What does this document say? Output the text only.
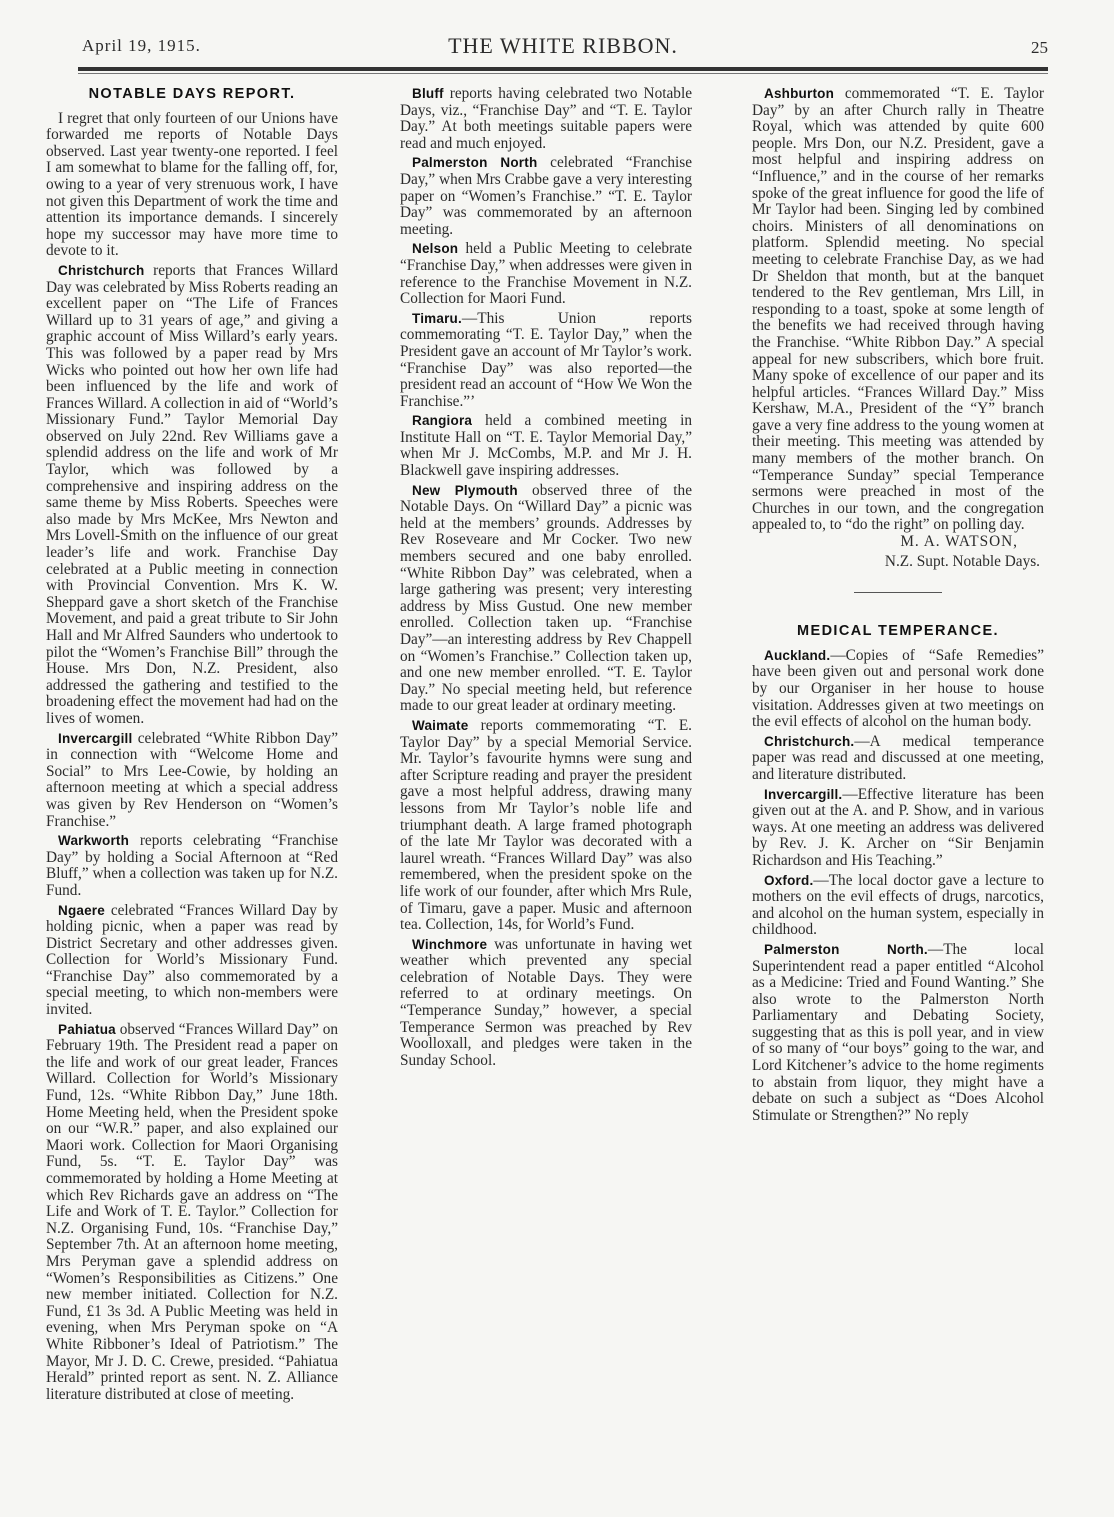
April 19, 1915.	THE WHITE RIBBON.	25
NOTABLE DAYS REPORT.

I regret that only fourteen of our Unions have forwarded me reports of Notable Days observed. Last year twenty-one reported. I feel I am somewhat to blame for the falling off, for, owing to a year of very strenuous work, I have not given this Department of work the time and attention its importance demands. I sincerely hope my successor may have more time to devote to it.

Christchurch reports that Frances Willard Day was celebrated by Miss Roberts reading an excellent paper on “The Life of Frances Willard up to 31 years of age,” and giving a graphic account of Miss Willard’s early years. This was followed by a paper read by Mrs Wicks who pointed out how her own life had been influenced by the life and work of Frances Willard. A collection in aid of “World’s Missionary Fund.” Taylor Memorial Day observed on July 22nd. Rev Williams gave a splendid address on the life and work of Mr Taylor, which was followed by a comprehensive and inspiring address on the same theme by Miss Roberts. Speeches were also made by Mrs McKee, Mrs Newton and Mrs Lovell-Smith on the influence of our great leader’s life and work. Franchise Day celebrated at a Public meeting in connection with Provincial Convention. Mrs K. W. Sheppard gave a short sketch of the Franchise Movement, and paid a great tribute to Sir John Hall and Mr Alfred Saunders who undertook to pilot the “Women’s Franchise Bill” through the House. Mrs Don, N.Z. President, also addressed the gathering and testified to the broadening effect the movement had had on the lives of women.

Invercargill celebrated “White Ribbon Day” in connection with “Welcome Home and Social” to Mrs Lee-Cowie, by holding an afternoon meeting at which a special address was given by Rev Henderson on “Women’s Franchise.”

Warkworth reports celebrating “Franchise Day” by holding a Social Afternoon at “Red Bluff,” when a collection was taken up for N.Z. Fund.

Ngaere celebrated “Frances Willard Day by holding picnic, when a paper was read by District Secretary and other addresses given. Collection for World’s Missionary Fund. “Franchise Day” also commemorated by a special meeting, to which non-members were invited.

Pahiatua observed “Frances Willard Day” on February 19th. The President read a paper on the life and work of our great leader, Frances Willard. Collection for World’s Missionary Fund, 12s. “White Ribbon Day,” June 18th. Home Meeting held, when the President spoke on our “W.R.” paper, and also explained our Maori work. Collection for Maori Organising Fund, 5s. “T. E. Taylor Day” was commemorated by holding a Home Meeting at which Rev Richards gave an address on “The Life and Work of T. E. Taylor.” Collection for N.Z. Organising Fund, 10s. “Franchise Day,” September 7th. At an afternoon home meeting, Mrs Peryman gave a splendid address on “Women’s Responsibilities as Citizens.” One new member initiated. Collection for N.Z. Fund, £1 3s 3d. A Public Meeting was held in evening, when Mrs Peryman spoke on “A White Ribboner’s Ideal of Patriotism.” The Mayor, Mr J. D. C. Crewe, presided. “Pahiatua Herald” printed report as sent. N. Z. Alliance literature distributed at close of meeting.

Bluff reports having celebrated two Notable Days, viz., “Franchise Day” and “T. E. Taylor Day.” At both meetings suitable papers were read and much enjoyed.

Palmerston North celebrated “Franchise Day,” when Mrs Crabbe gave a very interesting paper on “Women’s Franchise.” “T. E. Taylor Day” was commemorated by an afternoon meeting.

Nelson held a Public Meeting to celebrate “Franchise Day,” when addresses were given in reference to the Franchise Movement in N.Z. Collection for Maori Fund.

Timaru.—This Union reports commemorating “T. E. Taylor Day,” when the President gave an account of Mr Taylor’s work. “Franchise Day” was also reported—the president read an account of “How We Won the Franchise.”’

Rangiora held a combined meeting in Institute Hall on “T. E. Taylor Memorial Day,” when Mr J. McCombs, M.P. and Mr J. H. Blackwell gave inspiring addresses.

New Plymouth observed three of the Notable Days. On “Willard Day” a picnic was held at the members’ grounds. Addresses by Rev Roseveare and Mr Cocker. Two new members secured and one baby enrolled. “White Ribbon Day” was celebrated, when a large gathering was present; very interesting address by Miss Gustud. One new member enrolled. Collection taken up. “Franchise Day”—an interesting address by Rev Chappell on “Women’s Franchise.” Collection taken up, and one new member enrolled. “T. E. Taylor Day.” No special meeting held, but reference made to our great leader at ordinary meeting.

Waimate reports commemorating “T. E. Taylor Day” by a special Memorial Service. Mr. Taylor’s favourite hymns were sung and after Scripture reading and prayer the president gave a most helpful address, drawing many lessons from Mr Taylor’s noble life and triumphant death. A large framed photograph of the late Mr Taylor was decorated with a laurel wreath. “Frances Willard Day” was also remembered, when the president spoke on the life work of our founder, after which Mrs Rule, of Timaru, gave a paper. Music and afternoon tea. Collection, 14s, for World’s Fund.

Winchmore was unfortunate in having wet weather which prevented any special celebration of Notable Days. They were referred to at ordinary meetings. On “Temperance Sunday,” however, a special Temperance Sermon was preached by Rev Woolloxall, and pledges were taken in the Sunday School.

Ashburton commemorated “T. E. Taylor Day” by an after Church rally in Theatre Royal, which was attended by quite 600 people. Mrs Don, our N.Z. President, gave a most helpful and inspiring address on “Influence,” and in the course of her remarks spoke of the great influence for good the life of Mr Taylor had been. Singing led by combined choirs. Ministers of all denominations on platform. Splendid meeting. No special meeting to celebrate Franchise Day, as we had Dr Sheldon that month, but at the banquet tendered to the Rev gentleman, Mrs Lill, in responding to a toast, spoke at some length of the benefits we had received through having the Franchise. “White Ribbon Day.” A special appeal for new subscribers, which bore fruit. Many spoke of excellence of our paper and its helpful articles. “Frances Willard Day.” Miss Kershaw, M.A., President of the “Y” branch gave a very fine address to the young women at their meeting. This meeting was attended by many members of the mother branch. On “Temperance Sunday” special Temperance sermons were preached in most of the Churches in our town, and the congregation appealed to, to “do the right” on polling day.

M. A. WATSON,

N.Z. Supt. Notable Days.

MEDICAL TEMPERANCE.

Auckland.—Copies of “Safe Remedies” have been given out and personal work done by our Organiser in her house to house visitation. Addresses given at two meetings on the evil effects of alcohol on the human body.

Christchurch.—A medical temperance paper was read and discussed at one meeting, and literature distributed.

Invercargill.—Effective literature has been given out at the A. and P. Show, and in various ways. At one meeting an address was delivered by Rev. J. K. Archer on “Sir Benjamin Richardson and His Teaching.”

Oxford.—The local doctor gave a lecture to mothers on the evil effects of drugs, narcotics, and alcohol on the human system, especially in childhood.

Palmerston North.—The local Superintendent read a paper entitled “Alcohol as a Medicine: Tried and Found Wanting.” She also wrote to the Palmerston North Parliamentary and Debating Society, suggesting that as this is poll year, and in view of so many of “our boys” going to the war, and Lord Kitchener’s advice to the home regiments to abstain from liquor, they might have a debate on such a subject as “Does Alcohol Stimulate or Strengthen?” No reply
